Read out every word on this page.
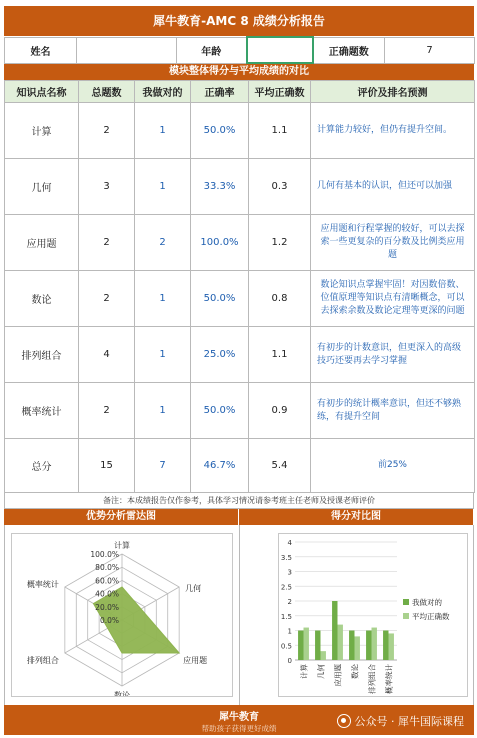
犀牛教育-AMC 8 成绩分析报告
姓名		年龄		正确题数	7
模块整体得分与平均成绩的对比
知识点名称	总题数	我做对的	正确率	平均正确数	评价及排名预测
计算	2	1	50.0%	1.1	计算能力较好，但仍有提升空间。
几何	3	1	33.3%	0.3	几何有基本的认识，但还可以加强
应用题	2	2	100.0%	1.2	应用题和行程掌握的较好，可以去探索一些更复杂的百分数及比例类应用题
数论	2	1	50.0%	0.8	数论知识点掌握牢固！对因数倍数、位值原理等知识点有清晰概念，可以去探索余数及数论定理等更深的问题
排列组合	4	1	25.0%	1.1	有初步的计数意识，但更深入的高级技巧还要再去学习掌握
概率统计	2	1	50.0%	0.9	有初步的统计概率意识，但还不够熟练，有提升空间
总分	15	7	46.7%	5.4	前25%
备注：本成绩报告仅作参考，具体学习情况请参考班主任老师及授课老师评价
优势分析雷达图	得分对比图
0.0%
20.0%
40.0%
60.0%
80.0%
100.0%
计算
几何
应用题
数论
排列组合
概率统计
0
0.5
1
1.5
2
2.5
3
3.5
4
计算 几何 应用题 数论 排列组合 概率统计
我做对的
平均正确数
犀牛教育
帮助孩子获得更好成绩
公众号 · 犀牛国际课程
